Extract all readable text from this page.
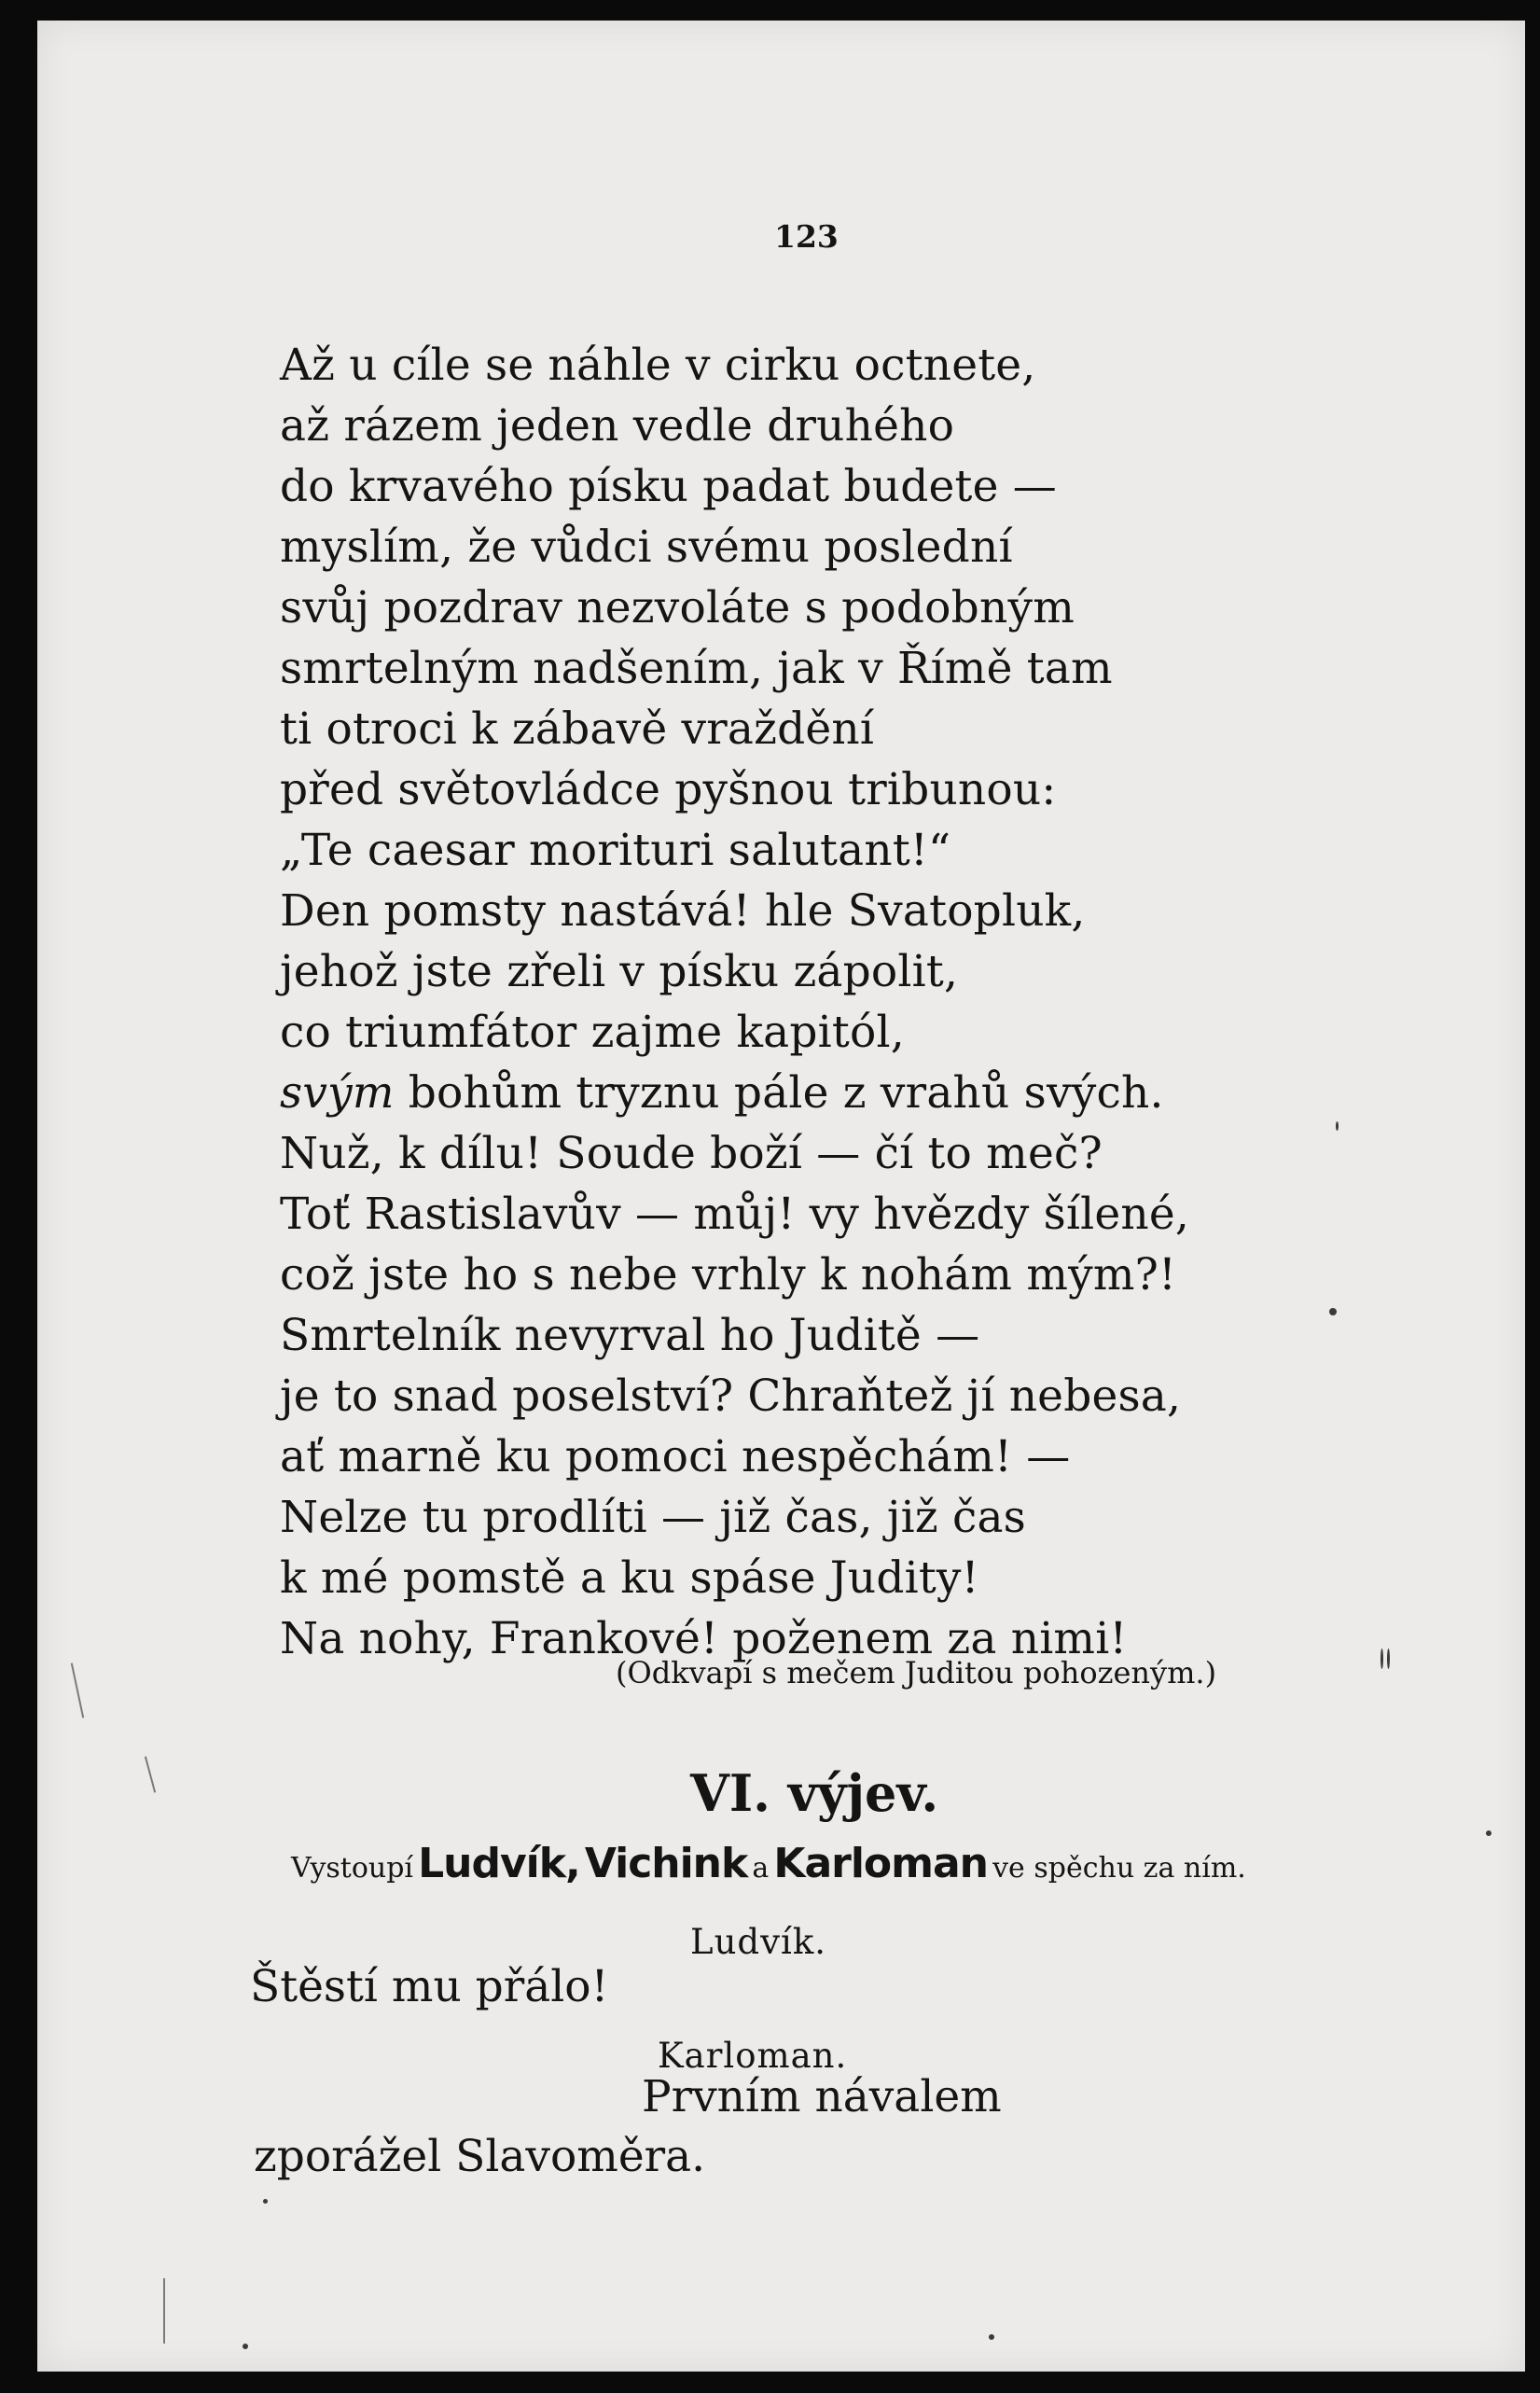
123
Až u cíle se náhle v cirku octnete,
až rázem jeden vedle druhého
do krvavého písku padat budete —
myslím, že vůdci svému poslední
svůj pozdrav nezvoláte s podobným
smrtelným nadšením, jak v Římě tam
ti otroci k zábavě vraždění
před světovládce pyšnou tribunou:
„Te caesar morituri salutant!“
Den pomsty nastává! hle Svatopluk,
jehož jste zřeli v písku zápolit,
co triumfátor zajme kapitól,
svým bohům tryznu pále z vrahů svých.
Nuž, k dílu! Soude boží — čí to meč?
Toť Rastislavův — můj! vy hvězdy šílené,
což jste ho s nebe vrhly k nohám mým?!
Smrtelník nevyrval ho Juditě —
je to snad poselství? Chraňtež jí nebesa,
ať marně ku pomoci nespěchám! —
Nelze tu prodlíti — již čas, již čas
k mé pomstě a ku spáse Judity!
Na nohy, Frankové! poženem za nimi!
(Odkvapí s mečem Juditou pohozeným.)
VI. výjev.
Vystoupí Ludvík, Vichink a Karloman ve spěchu za ním.
Ludvík.
Štěstí mu přálo!
Karloman.
Prvním návalem
zporážel Slavoměra.
